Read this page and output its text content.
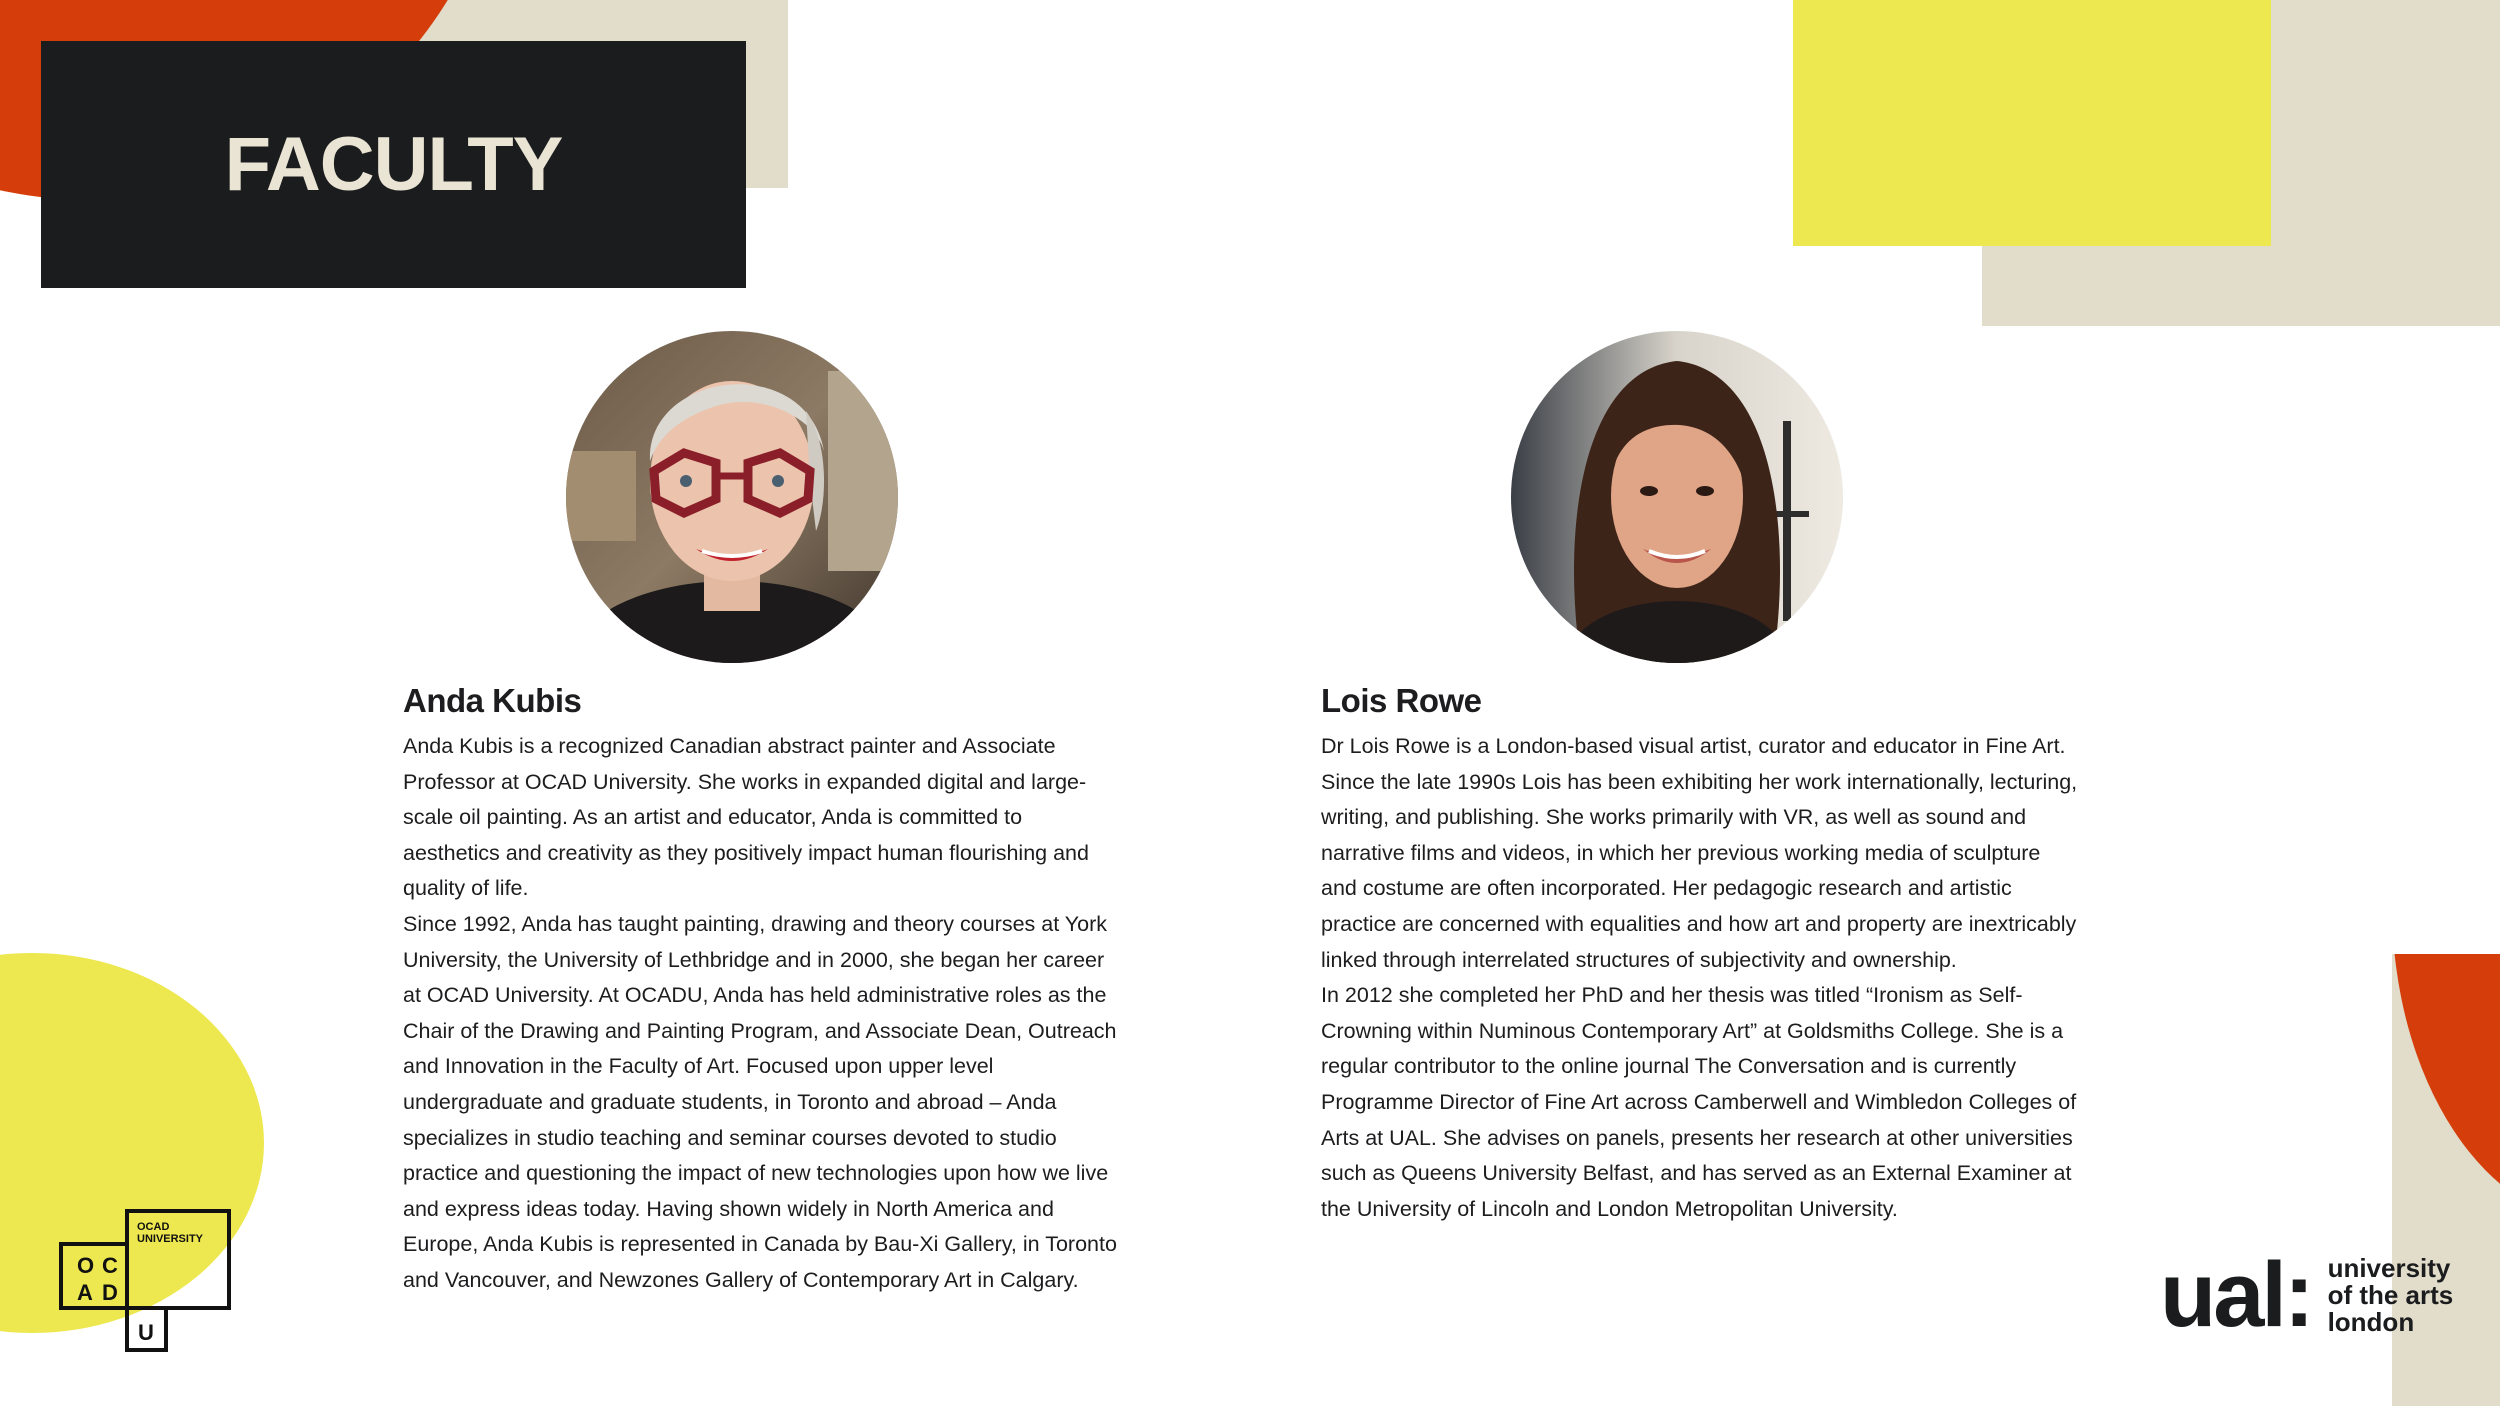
FACULTY
Anda Kubis	Lois Rowe

Anda Kubis is a recognized Canadian abstract painter and Associate Professor at OCAD University. She works in expanded digital and large-scale oil painting. As an artist and educator, Anda is committed to aesthetics and creativity as they positively impact human flourishing and quality of life.

Since 1992, Anda has taught painting, drawing and theory courses at York University, the University of Lethbridge and in 2000, she began her career at OCAD University. At OCADU, Anda has held administrative roles as the Chair of the Drawing and Painting Program, and Associate Dean, Outreach and Innovation in the Faculty of Art. Focused upon upper level undergraduate and graduate students, in Toronto and abroad – Anda specializes in studio teaching and seminar courses devoted to studio practice and questioning the impact of new technologies upon how we live and express ideas today. Having shown widely in North America and Europe, Anda Kubis is represented in Canada by Bau-Xi Gallery, in Toronto and Vancouver, and Newzones Gallery of Contemporary Art in Calgary.

Dr Lois Rowe is a London-based visual artist, curator and educator in Fine Art. Since the late 1990s Lois has been exhibiting her work internationally, lecturing, writing, and publishing. She works primarily with VR, as well as sound and narrative films and videos, in which her previous working media of sculpture and costume are often incorporated. Her pedagogic research and artistic practice are concerned with equalities and how art and property are inextricably linked through interrelated structures of subjectivity and ownership.

In 2012 she completed her PhD and her thesis was titled “Ironism as Self-Crowning within Numinous Contemporary Art” at Goldsmiths College. She is a regular contributor to the online journal The Conversation and is currently Programme Director of Fine Art across Camberwell and Wimbledon Colleges of Arts at UAL. She advises on panels, presents her research at other universities such as Queens University Belfast, and has served as an External Examiner at the University of Lincoln and London Metropolitan University.

O C
A D
U
OCAD
UNIVERSITY
ual: university
of the arts
london
